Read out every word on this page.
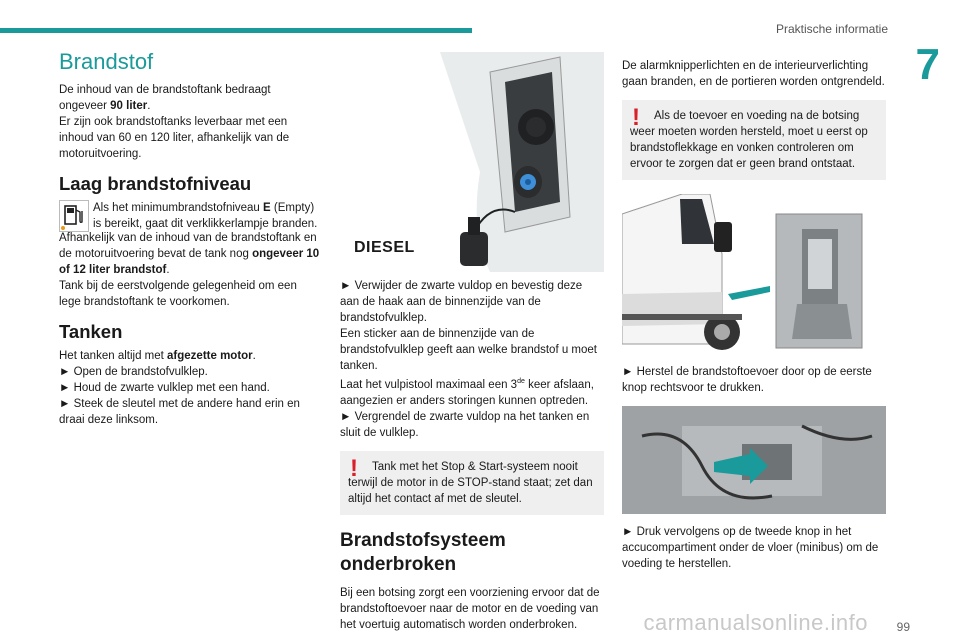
Praktische informatie
7
Brandstof

De inhoud van de brandstoftank bedraagt ongeveer 90 liter.

Er zijn ook brandstoftanks leverbaar met een inhoud van 60 en 120 liter, afhankelijk van de motoruitvoering.

Laag brandstofniveau

Als het minimumbrandstofniveau E (Empty) is bereikt, gaat dit verklikkerlampje branden.

Afhankelijk van de inhoud van de brandstoftank en de motoruitvoering bevat de tank nog ongeveer 10 of 12 liter brandstof.

Tank bij de eerstvolgende gelegenheid om een lege brandstoftank te voorkomen.

Tanken

Het tanken altijd met afgezette motor.

► Open de brandstofvulklep.

► Houd de zwarte vulklep met een hand.

► Steek de sleutel met de andere hand erin en draai deze linksom.

DIESEL

► Verwijder de zwarte vuldop en bevestig deze aan de haak aan de binnenzijde van de brandstofvulklep.

Een sticker aan de binnenzijde van de brandstofvulklep geeft aan welke brandstof u moet tanken.

Laat het vulpistool maximaal een 3de keer afslaan, aangezien er anders storingen kunnen optreden.

► Vergrendel de zwarte vuldop na het tanken en sluit de vulklep.

!	Tank met het Stop & Start-systeem nooit terwijl de motor in de STOP-stand staat; zet dan altijd het contact af met de sleutel.

Brandstofsysteem onderbroken

Bij een botsing zorgt een voorziening ervoor dat de brandstoftoevoer naar de motor en de voeding van het voertuig automatisch worden onderbroken.

De alarmknipperlichten en de interieurverlichting gaan branden, en de portieren worden ontgrendeld.

!	Als de toevoer en voeding na de botsing weer moeten worden hersteld, moet u eerst op brandstoflekkage en vonken controleren om ervoor te zorgen dat er geen brand ontstaat.

► Herstel de brandstoftoevoer door op de eerste knop rechtsvoor te drukken.

► Druk vervolgens op de tweede knop in het accucompartiment onder de vloer (minibus) om de voeding te herstellen.

carmanualsonline.info 99
